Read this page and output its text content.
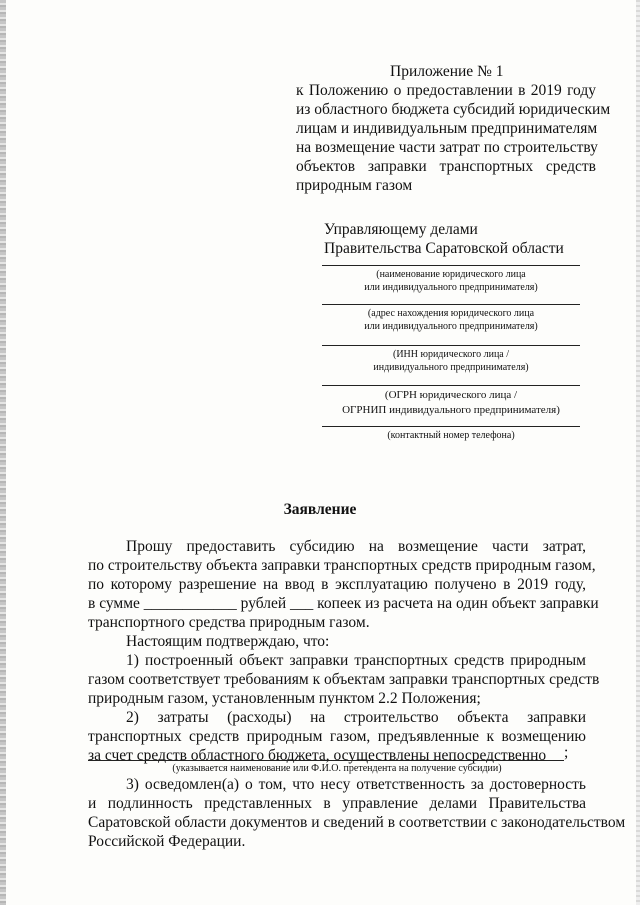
Приложение № 1
к Положению о предоставлении в 2019 году
из областного бюджета субсидий юридическим
лицам и индивидуальным предпринимателям
на возмещение части затрат по строительству
объектов заправки транспортных средств
природным газом
Управляющему делами
Правительства Саратовской области
(наименование юридического лица
или индивидуального предпринимателя)
(адрес нахождения юридического лица
или индивидуального предпринимателя)
(ИНН юридического лица /
индивидуального предпринимателя)
(ОГРН юридического лица /
ОГРНИП индивидуального предпринимателя)
(контактный номер телефона)
Заявление
Прошу предоставить субсидию на возмещение части затрат,
по строительству объекта заправки транспортных средств природным газом,
по которому разрешение на ввод в эксплуатацию получено в 2019 году,
в сумме ____________ рублей ___ копеек из расчета на один объект заправки
транспортного средства природным газом.
Настоящим подтверждаю, что:
1) построенный объект заправки транспортных средств природным
газом соответствует требованиям к объектам заправки транспортных средств
природным газом, установленным пунктом 2.2 Положения;
2) затраты (расходы) на строительство объекта заправки
транспортных средств природным газом, предъявленные к возмещению
за счет средств областного бюджета, осуществлены непосредственно	;
(указывается наименование или Ф.И.О. претендента на получение субсидии)
3) осведомлен(а) о том, что несу ответственность за достоверность
и подлинность представленных в управление делами Правительства
Саратовской области документов и сведений в соответствии с законодательством
Российской Федерации.
